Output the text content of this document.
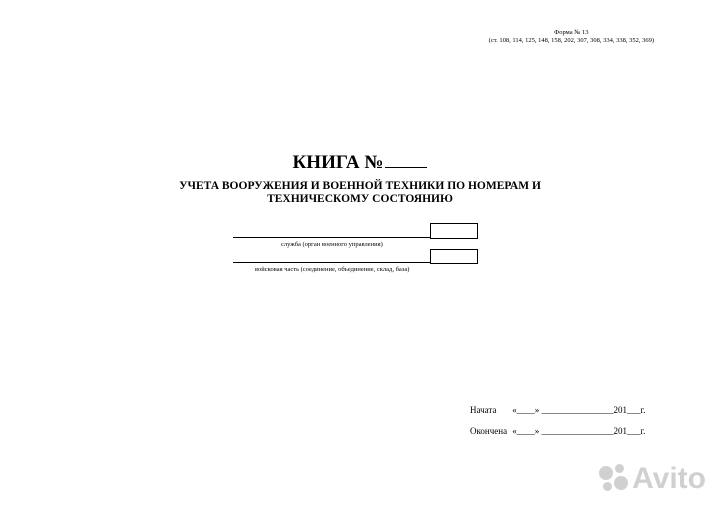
Форма № 13
(ст. 108, 114, 125, 148, 158, 202, 307, 308, 334, 338, 352, 369)
КНИГА №
УЧЕТА ВООРУЖЕНИЯ И ВОЕННОЙ ТЕХНИКИ ПО НОМЕРАМ И ТЕХНИЧЕСКОМУ СОСТОЯНИЮ
служба (орган военного управления)
войсковая часть (соединение, объединение, склад, база)
Начата «____» ________________201___г.
Окончена «____» ________________201___г.
Avito
